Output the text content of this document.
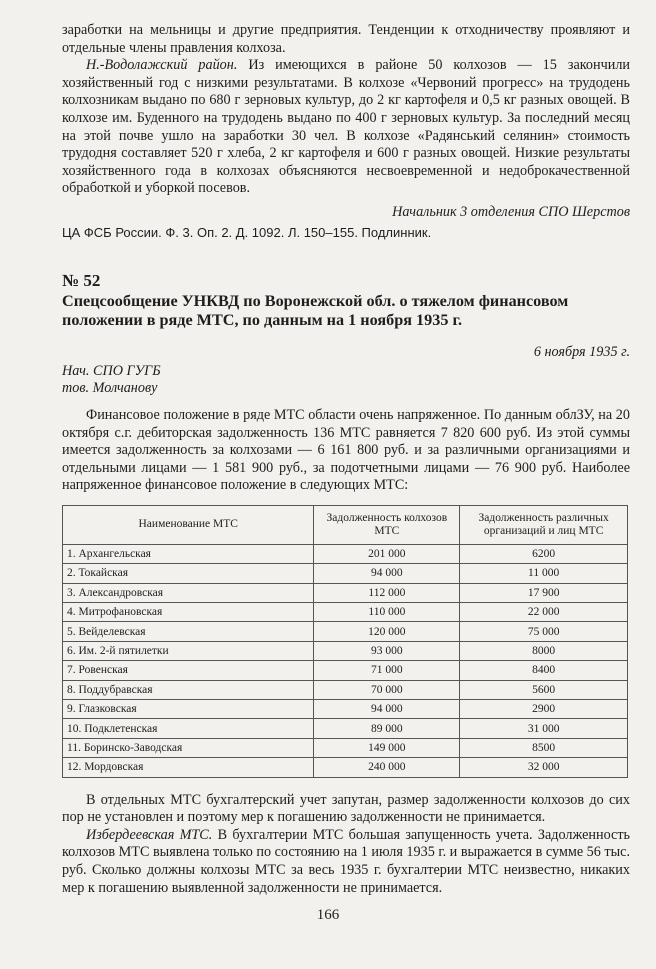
заработки на мельницы и другие предприятия. Тенденции к отходничеству проявляют и отдельные члены правления колхоза.

Н.-Водолажский район. Из имеющихся в районе 50 колхозов — 15 закончили хозяйственный год с низкими результатами. В колхозе «Червоний прогресс» на трудодень колхозникам выдано по 680 г зерновых культур, до 2 кг картофеля и 0,5 кг разных овощей. В колхозе им. Буденного на трудодень выдано по 400 г зерновых культур. За последний месяц на этой почве ушло на заработки 30 чел. В колхозе «Радянський селянин» стоимость трудодня составляет 520 г хлеба, 2 кг картофеля и 600 г разных овощей. Низкие результаты хозяйственного года в колхозах объясняются несвоевременной и недоброкачественной обработкой и уборкой посевов.

Начальник 3 отделения СПО Шерстов
ЦА ФСБ России. Ф. 3. Оп. 2. Д. 1092. Л. 150–155. Подлинник.
№ 52
Спецсообщение УНКВД по Воронежской обл. о тяжелом финансовом положении в ряде МТС, по данным на 1 ноября 1935 г.
6 ноября 1935 г.
Нач. СПО ГУГБ
тов. Молчанову

Финансовое положение в ряде МТС области очень напряженное. По данным облЗУ, на 20 октября с.г. дебиторская задолженность 136 МТС равняется 7 820 600 руб. Из этой суммы имеется задолженность за колхозами — 6 161 800 руб. и за различными организациями и отдельными лицами — 1 581 900 руб., за подотчетными лицами — 76 900 руб. Наиболее напряженное финансовое положение в следующих МТС:

Наименование МТС	Задолженность колхозов МТС	Задолженность различных организаций и лиц МТС
1. Архангельская	201 000	6200
2. Токайская	94 000	11 000
3. Александровская	112 000	17 900
4. Митрофановская	110 000	22 000
5. Вейделевская	120 000	75 000
6. Им. 2-й пятилетки	93 000	8000
7. Ровенская	71 000	8400
8. Поддубравская	70 000	5600
9. Глазковская	94 000	2900
10. Подклетенская	89 000	31 000
11. Боринско-Заводская	149 000	8500
12. Мордовская	240 000	32 000

В отдельных МТС бухгалтерский учет запутан, размер задолженности колхозов до сих пор не установлен и поэтому мер к погашению задолженности не принимается.

Избердеевская МТС. В бухгалтерии МТС большая запущенность учета. Задолженность колхозов МТС выявлена только по состоянию на 1 июля 1935 г. и выражается в сумме 56 тыс. руб. Сколько должны колхозы МТС за весь 1935 г. бухгалтерии МТС неизвестно, никаких мер к погашению выявленной задолженности не принимается.

166
